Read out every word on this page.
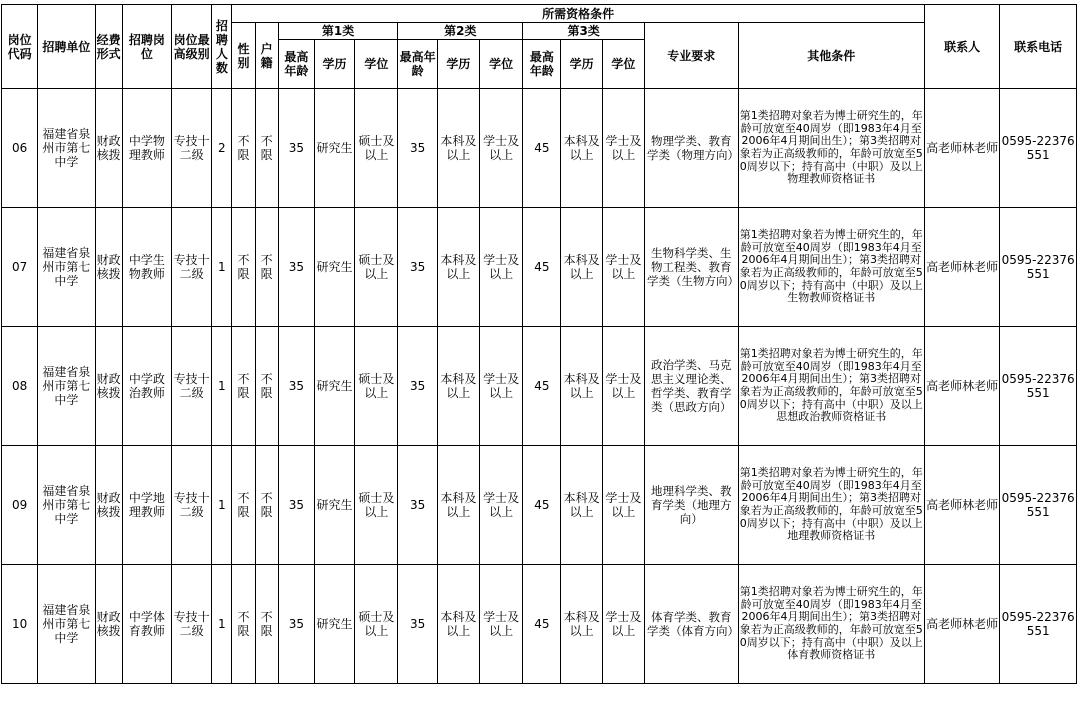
岗位代码	招聘单位	经费形式	招聘岗位	岗位最高级别	招聘人数	所需资格条件													联系人	联系电话
						性别	户籍	第1类			第2类			第3类			专业要求	其他条件		
								最高年龄	学历	学位	最高年龄	学历	学位	最高年龄	学历	学位				
06	福建省泉州市第七中学	财政核拨	中学物理教师	专技十二级	2	不限	不限	35	研究生	硕士及以上	35	本科及以上	学士及以上	45	本科及以上	学士及以上	物理学类、教育学类（物理方向）	第1类招聘对象若为博士研究生的，年龄可放宽至40周岁（即1983年4月至2006年4月期间出生）；第3类招聘对象若为正高级教师的，年龄可放宽至50周岁以下；持有高中（中职）及以上物理教师资格证书	高老师林老师	0595-22376551
07	福建省泉州市第七中学	财政核拨	中学生物教师	专技十二级	1	不限	不限	35	研究生	硕士及以上	35	本科及以上	学士及以上	45	本科及以上	学士及以上	生物科学类、生物工程类、教育学类（生物方向）	第1类招聘对象若为博士研究生的，年龄可放宽至40周岁（即1983年4月至2006年4月期间出生）；第3类招聘对象若为正高级教师的，年龄可放宽至50周岁以下；持有高中（中职）及以上生物教师资格证书	高老师林老师	0595-22376551
08	福建省泉州市第七中学	财政核拨	中学政治教师	专技十二级	1	不限	不限	35	研究生	硕士及以上	35	本科及以上	学士及以上	45	本科及以上	学士及以上	政治学类、马克思主义理论类、哲学类、教育学类（思政方向）	第1类招聘对象若为博士研究生的，年龄可放宽至40周岁（即1983年4月至2006年4月期间出生）；第3类招聘对象若为正高级教师的，年龄可放宽至50周岁以下；持有高中（中职）及以上思想政治教师资格证书	高老师林老师	0595-22376551
09	福建省泉州市第七中学	财政核拨	中学地理教师	专技十二级	1	不限	不限	35	研究生	硕士及以上	35	本科及以上	学士及以上	45	本科及以上	学士及以上	地理科学类、教育学类（地理方向）	第1类招聘对象若为博士研究生的，年龄可放宽至40周岁（即1983年4月至2006年4月期间出生）；第3类招聘对象若为正高级教师的，年龄可放宽至50周岁以下；持有高中（中职）及以上地理教师资格证书	高老师林老师	0595-22376551
10	福建省泉州市第七中学	财政核拨	中学体育教师	专技十二级	1	不限	不限	35	研究生	硕士及以上	35	本科及以上	学士及以上	45	本科及以上	学士及以上	体育学类、教育学类（体育方向）	第1类招聘对象若为博士研究生的，年龄可放宽至40周岁（即1983年4月至2006年4月期间出生）；第3类招聘对象若为正高级教师的，年龄可放宽至50周岁以下；持有高中（中职）及以上体育教师资格证书	高老师林老师	0595-22376551
